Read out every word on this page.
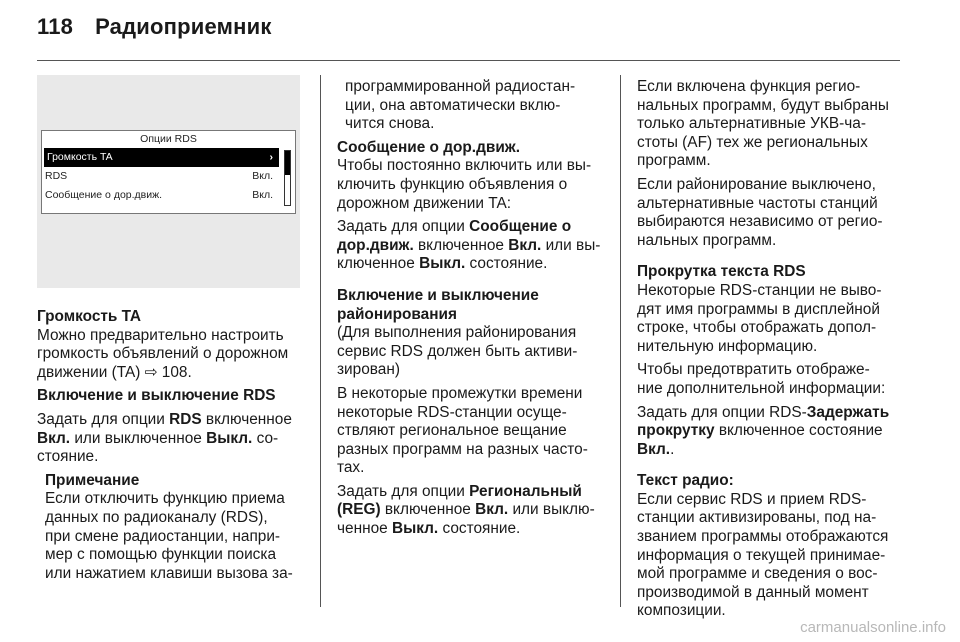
118 Радиоприемник
Опции RDS
Громкость TA	›
RDS	Вкл.
Сообщение о дор.движ.	Вкл.
Громкость TA
Можно предварительно настроить
громкость объявлений о дорожном
движении (TA) ⇨ 108.
Включение и выключение RDS
Задать для опции RDS включенное
Вкл. или выключенное Выкл. со-
стояние.
Примечание
Если отключить функцию приема
данных по радиоканалу (RDS),
при смене радиостанции, напри-
мер с помощью функции поиска
или нажатием клавиши вызова за-
программированной радиостан-
ции, она автоматически вклю-
чится снова.
Сообщение о дор.движ.
Чтобы постоянно включить или вы-
ключить функцию объявления о
дорожном движении TA:
Задать для опции Сообщение о
дор.движ. включенное Вкл. или вы-
ключенное Выкл. состояние.
Включение и выключение
районирования
(Для выполнения районирования
сервис RDS должен быть активи-
зирован)
В некоторые промежутки времени
некоторые RDS-станции осуще-
ствляют региональное вещание
разных программ на разных часто-
тах.
Задать для опции Региональный
(REG) включенное Вкл. или выклю-
ченное Выкл. состояние.
Если включена функция регио-
нальных программ, будут выбраны
только альтернативные УКВ-ча-
стоты (AF) тех же региональных
программ.
Если районирование выключено,
альтернативные частоты станций
выбираются независимо от регио-
нальных программ.
Прокрутка текста RDS
Некоторые RDS-станции не выво-
дят имя программы в дисплейной
строке, чтобы отображать допол-
нительную информацию.
Чтобы предотвратить отображе-
ние дополнительной информации:
Задать для опции RDS-Задержать
прокрутку включенное состояние
Вкл..
Текст радио:
Если сервис RDS и прием RDS-
станции активизированы, под на-
званием программы отображаются
информация о текущей принимае-
мой программе и сведения о вос-
производимой в данный момент
композиции.
carmanualsonline.info
